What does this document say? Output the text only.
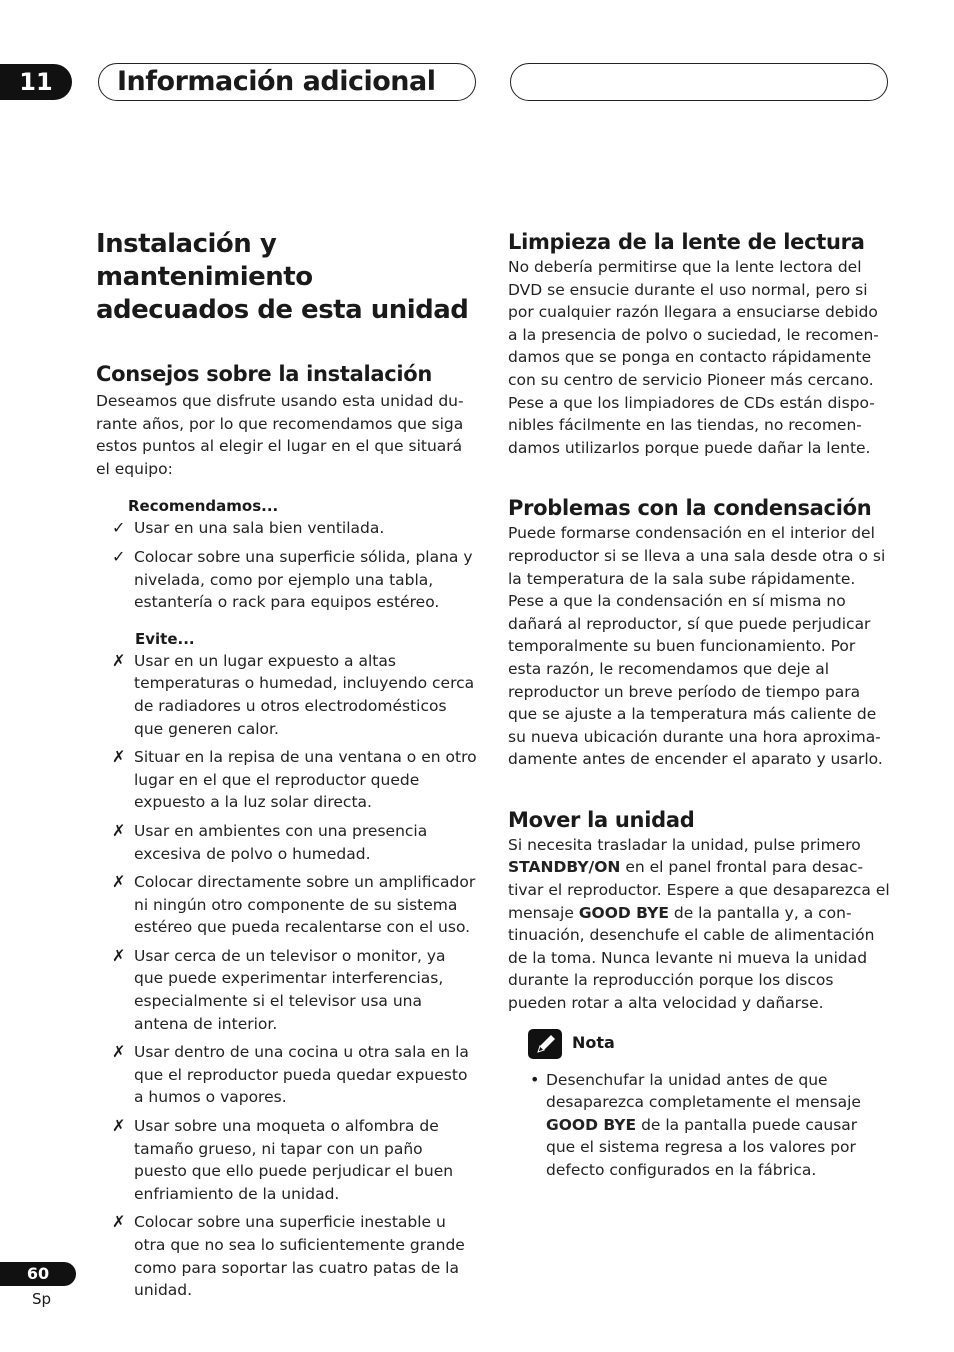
11	Información adicional
Instalación y mantenimiento
adecuados de esta unidad
Consejos sobre la instalación

Deseamos que disfrute usando esta unidad du-rante años, por lo que recomendamos que siga estos puntos al elegir el lugar en el que situará el equipo:

Recomendamos...
✓ Usar en una sala bien ventilada.
✓ Colocar sobre una superficie sólida, plana y nivelada, como por ejemplo una tabla, estantería o rack para equipos estéreo.
Evite...
✗ Usar en un lugar expuesto a altas temperaturas o humedad, incluyendo cerca de radiadores u otros electrodomésticos que generen calor.
✗ Situar en la repisa de una ventana o en otro lugar en el que el reproductor quede expuesto a la luz solar directa.
✗ Usar en ambientes con una presencia excesiva de polvo o humedad.
✗ Colocar directamente sobre un amplificador ni ningún otro componente de su sistema estéreo que pueda recalentarse con el uso.
✗ Usar cerca de un televisor o monitor, ya que puede experimentar interferencias, especialmente si el televisor usa una antena de interior.
✗ Usar dentro de una cocina u otra sala en la que el reproductor pueda quedar expuesto a humos o vapores.
✗ Usar sobre una moqueta o alfombra de tamaño grueso, ni tapar con un paño puesto que ello puede perjudicar el buen enfriamiento de la unidad.
✗ Colocar sobre una superficie inestable u otra que no sea lo suficientemente grande como para soportar las cuatro patas de la unidad.
Limpieza de la lente de lectura

No debería permitirse que la lente lectora del DVD se ensucie durante el uso normal, pero si por cualquier razón llegara a ensuciarse debido a la presencia de polvo o suciedad, le recomen-damos que se ponga en contacto rápidamente con su centro de servicio Pioneer más cercano. Pese a que los limpiadores de CDs están dispo-nibles fácilmente en las tiendas, no recomen-damos utilizarlos porque puede dañar la lente.

Problemas con la condensación

Puede formarse condensación en el interior del reproductor si se lleva a una sala desde otra o si la temperatura de la sala sube rápidamente. Pese a que la condensación en sí misma no dañará al reproductor, sí que puede perjudicar temporalmente su buen funcionamiento. Por esta razón, le recomendamos que deje al reproductor un breve período de tiempo para que se ajuste a la temperatura más caliente de su nueva ubicación durante una hora aproxima-damente antes de encender el aparato y usarlo.

Mover la unidad

Si necesita trasladar la unidad, pulse primero STANDBY/ON en el panel frontal para desac-tivar el reproductor. Espere a que desaparezca el mensaje GOOD BYE de la pantalla y, a con-tinuación, desenchufe el cable de alimentación de la toma. Nunca levante ni mueva la unidad durante la reproducción porque los discos pueden rotar a alta velocidad y dañarse.

Nota
• Desenchufar la unidad antes de que desaparezca completamente el mensaje GOOD BYE de la pantalla puede causar que el sistema regresa a los valores por defecto configurados en la fábrica.
60
Sp
